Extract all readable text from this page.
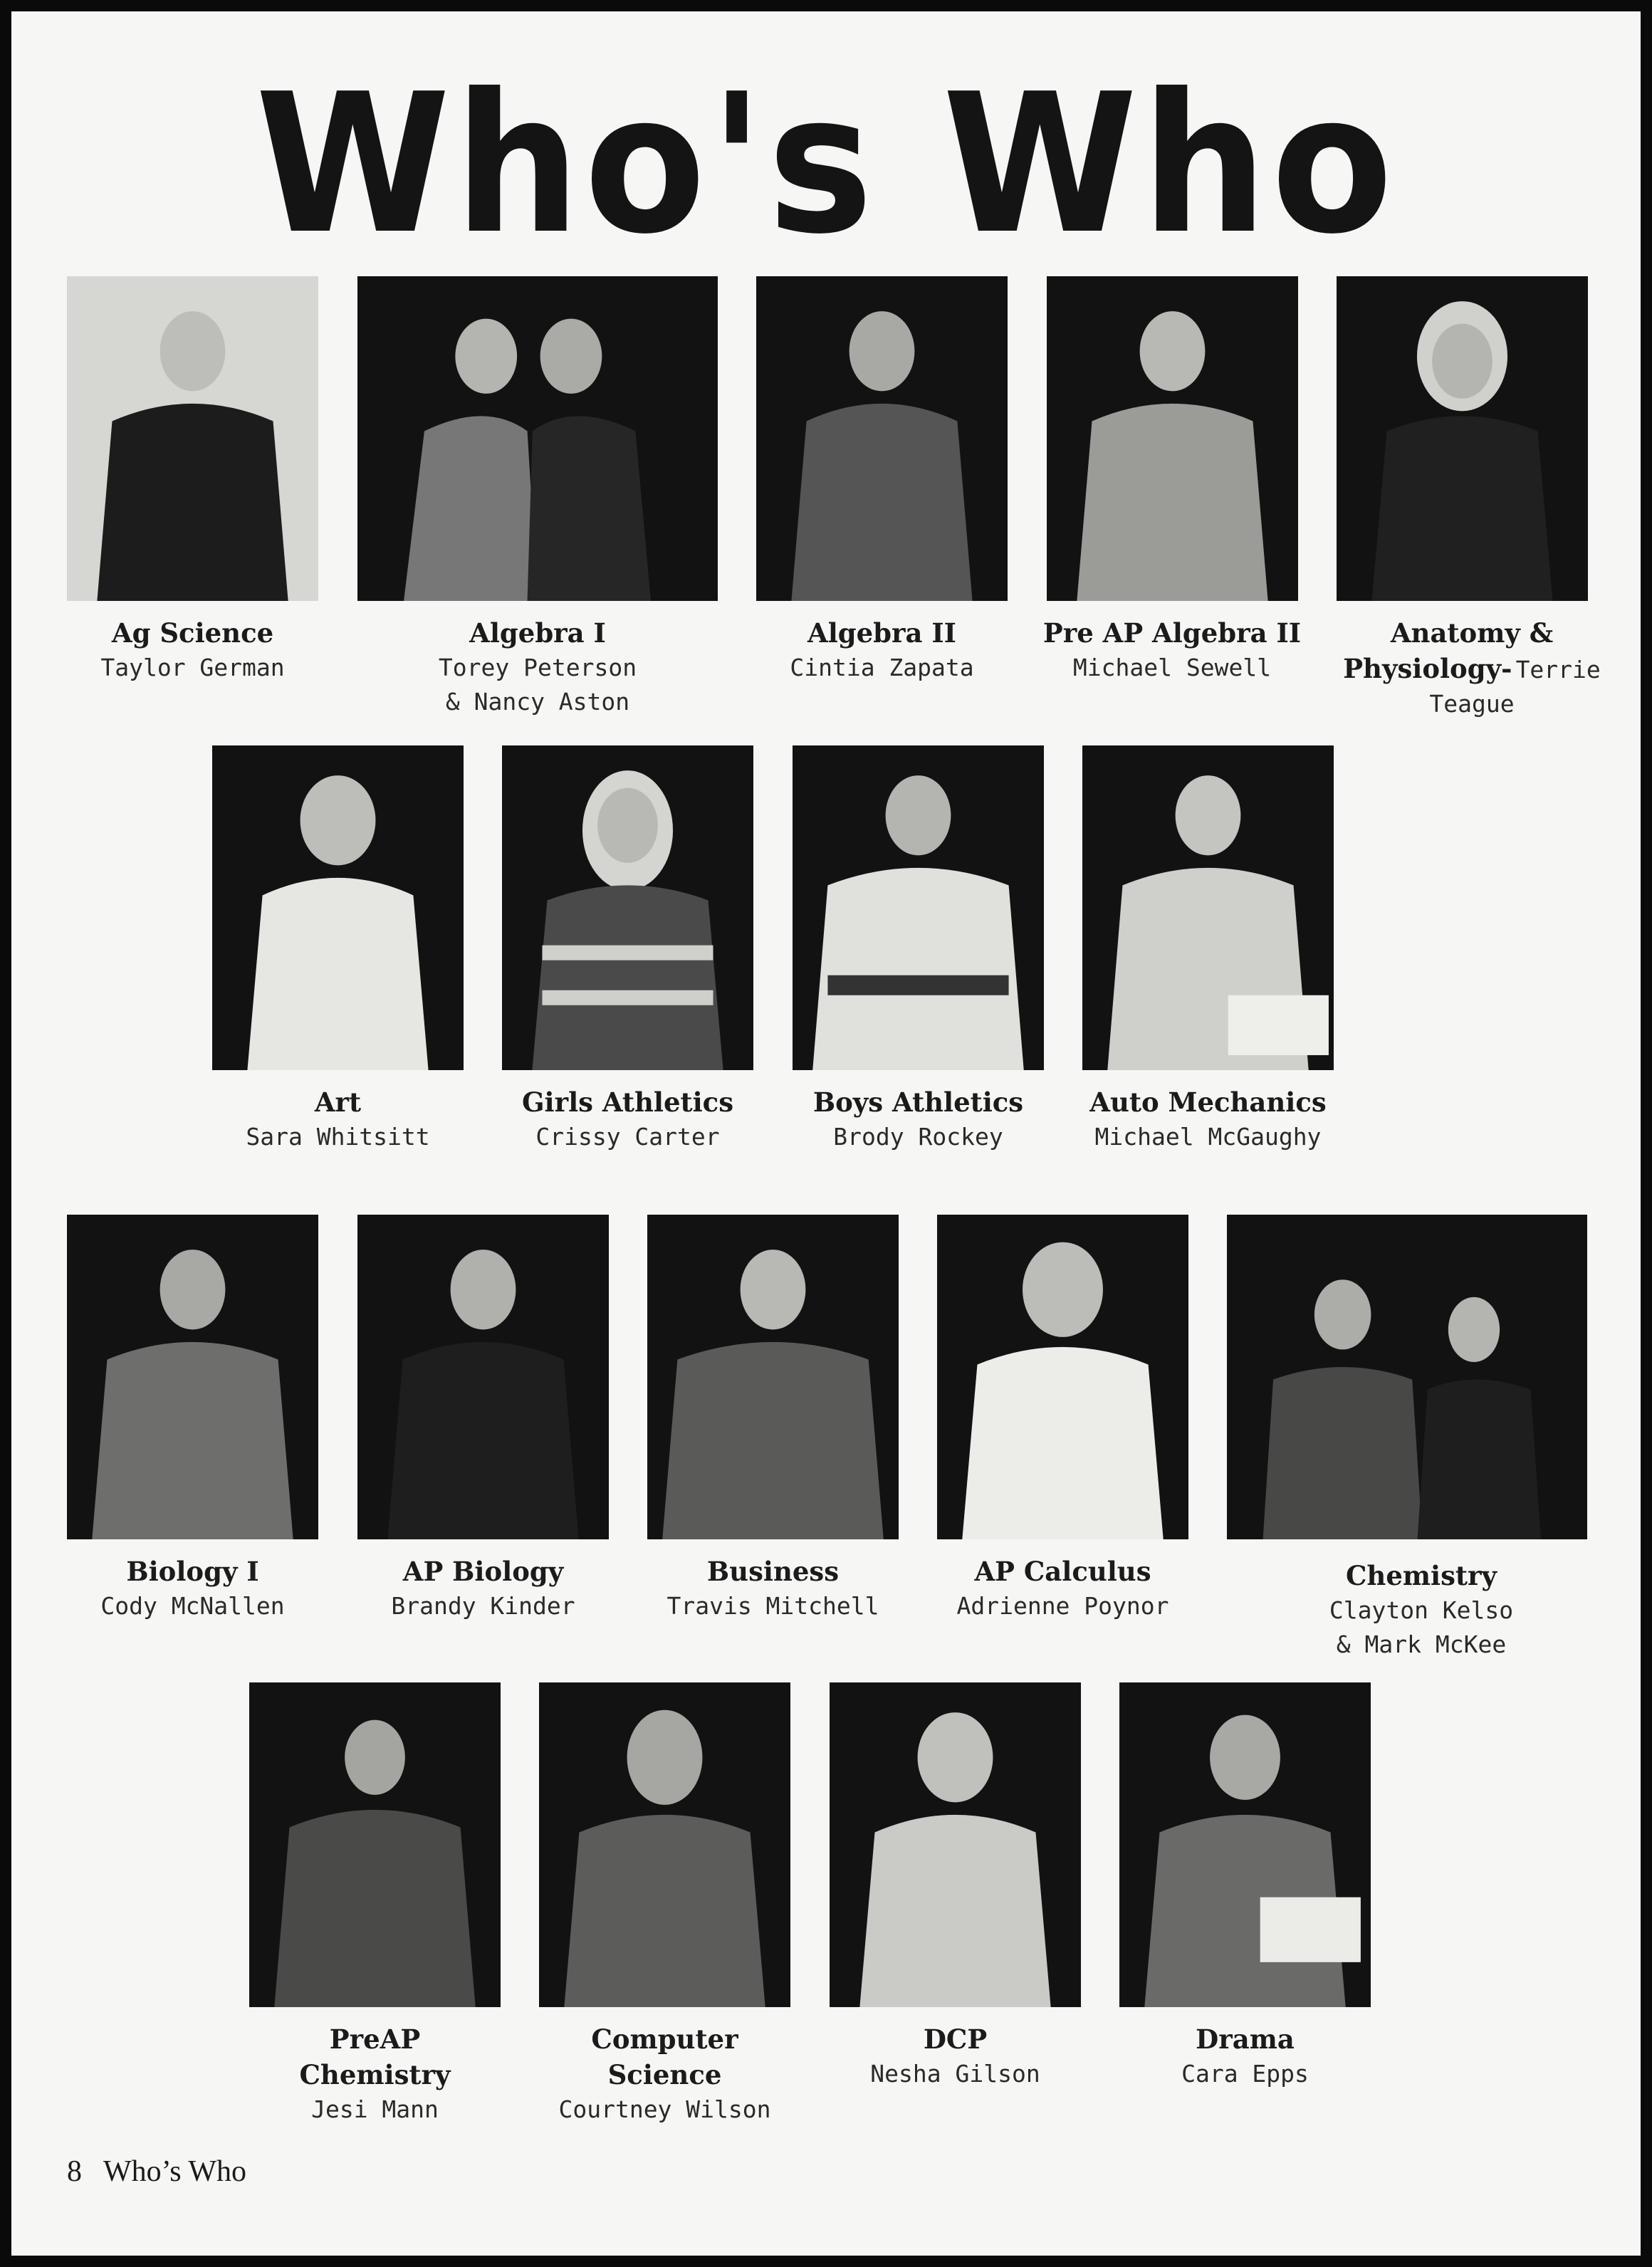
Who's Who
Ag Science
Taylor German
Algebra I
Torey Peterson
& Nancy Aston
Algebra II
Cintia Zapata
Pre AP Algebra II
Michael Sewell
Anatomy &
Physiology- Terrie
Teague
Art
Sara Whitsitt
Girls Athletics
Crissy Carter
Boys Athletics
Brody Rockey
Auto Mechanics
Michael McGaughy
Biology I
Cody McNallen
AP Biology
Brandy Kinder
Business
Travis Mitchell
AP Calculus
Adrienne Poynor
Chemistry
Clayton Kelso
& Mark McKee
PreAP
Chemistry
Jesi Mann
Computer
Science
Courtney Wilson
DCP
Nesha Gilson
Drama
Cara Epps
8 Who’s Who
